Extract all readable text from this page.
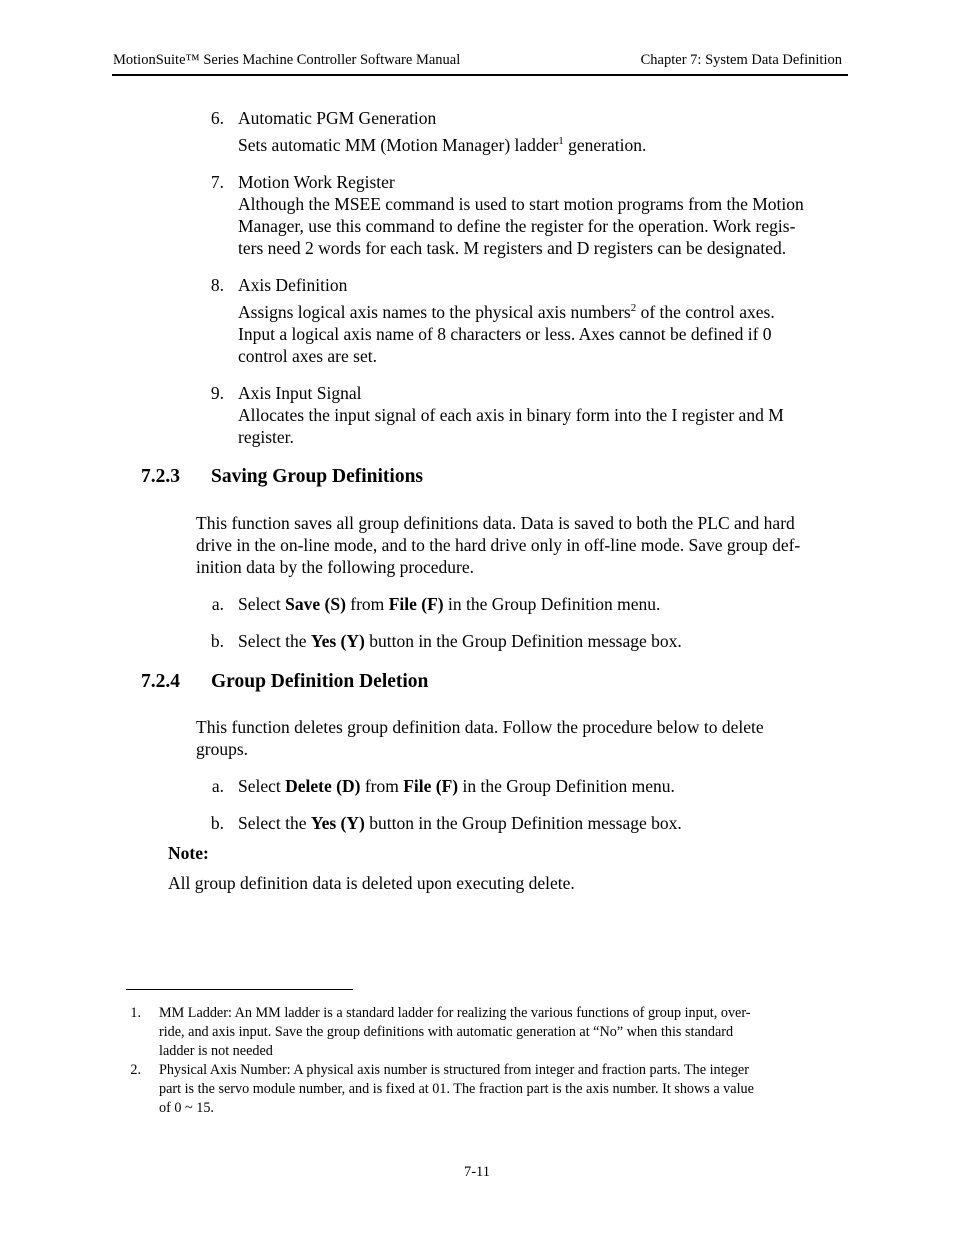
MotionSuite™ Series Machine Controller Software Manual	Chapter 7: System Data Definition
6. Automatic PGM Generation
Sets automatic MM (Motion Manager) ladder$^1$ generation.
7. Motion Work Register
Although the MSEE command is used to start motion programs from the Motion
Manager, use this command to define the register for the operation. Work regis-
ters need 2 words for each task. M registers and D registers can be designated.
8. Axis Definition
Assigns logical axis names to the physical axis numbers$^2$ of the control axes.
Input a logical axis name of 8 characters or less. Axes cannot be defined if 0
control axes are set.
9. Axis Input Signal
Allocates the input signal of each axis in binary form into the I register and M
register.
7.2.3 Saving Group Definitions
This function saves all group definitions data. Data is saved to both the PLC and hard
drive in the on-line mode, and to the hard drive only in off-line mode. Save group def-
inition data by the following procedure.
a. Select Save (S) from File (F) in the Group Definition menu.
b. Select the Yes (Y) button in the Group Definition message box.
7.2.4 Group Definition Deletion
This function deletes group definition data. Follow the procedure below to delete
groups.
a. Select Delete (D) from File (F) in the Group Definition menu.
b. Select the Yes (Y) button in the Group Definition message box.
Note:
All group definition data is deleted upon executing delete.
1. MM Ladder: An MM ladder is a standard ladder for realizing the various functions of group input, over-
ride, and axis input. Save the group definitions with automatic generation at “No” when this standard
ladder is not needed
2. Physical Axis Number: A physical axis number is structured from integer and fraction parts. The integer
part is the servo module number, and is fixed at 01. The fraction part is the axis number. It shows a value
of 0 ~ 15.
7-11
